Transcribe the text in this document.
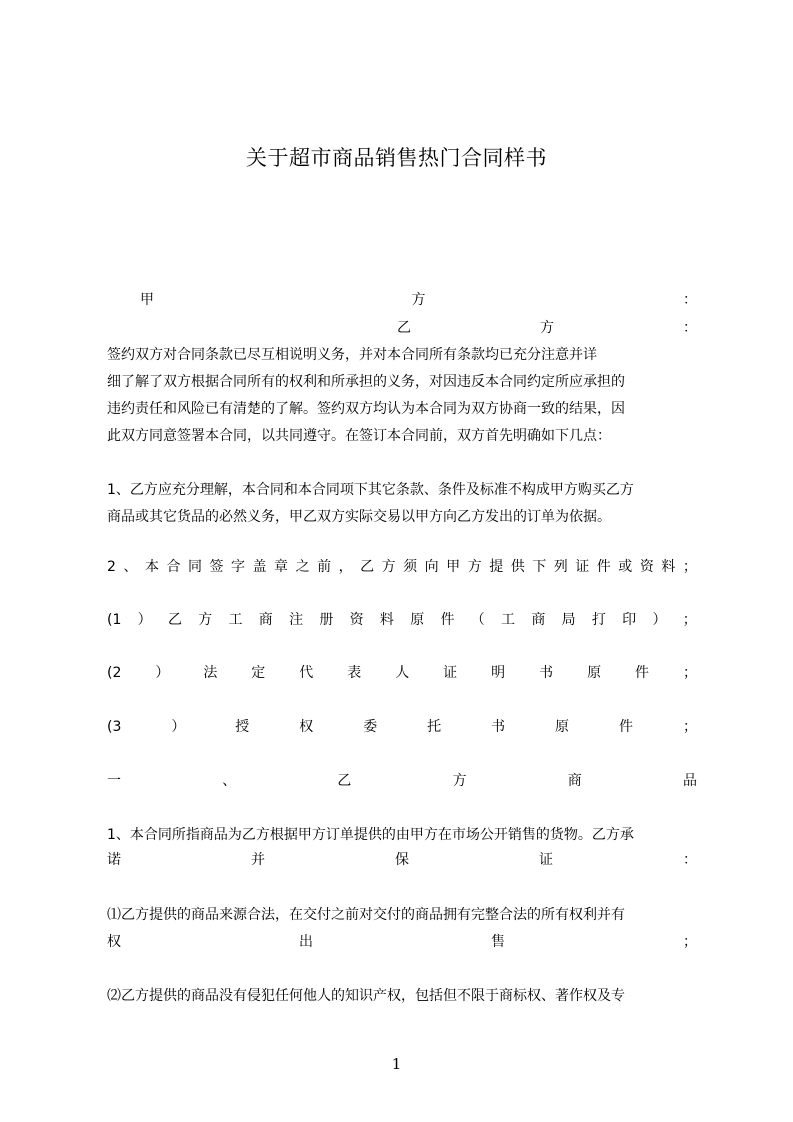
关于超市商品销售热门合同样书
甲	方	：
乙	方	：
签约双方对合同条款已尽互相说明义务，并对本合同所有条款均已充分注意并详
细了解了双方根据合同所有的权利和所承担的义务，对因违反本合同约定所应承担的
违约责任和风险已有清楚的了解。签约双方均认为本合同为双方协商一致的结果，因
此双方同意签署本合同，以共同遵守。在签订本合同前，双方首先明确如下几点：
1、乙方应充分理解，本合同和本合同项下其它条款、条件及标准不构成甲方购买乙方
商品或其它货品的必然义务，甲乙双方实际交易以甲方向乙方发出的订单为依据。
2 、 本 合 同 签 字 盖 章 之 前 ， 乙 方 须 向 甲 方 提 供 下 列 证 件 或 资 料 ；
(1 ） 乙 方 工 商 注 册 资 料 原 件 （ 工 商 局 打 印 ） ；
(2 ） 法 定 代 表 人 证 明 书 原 件 ；
(3	）	授	权	委	托	书	原	件	；
一	、	乙	方	商	品
1、本合同所指商品为乙方根据甲方订单提供的由甲方在市场公开销售的货物。乙方承
诺	并	保	证	：
⑴乙方提供的商品来源合法，在交付之前对交付的商品拥有完整合法的所有权利并有
权	出	售	；
⑵乙方提供的商品没有侵犯任何他人的知识产权，包括但不限于商标权、著作权及专
1
